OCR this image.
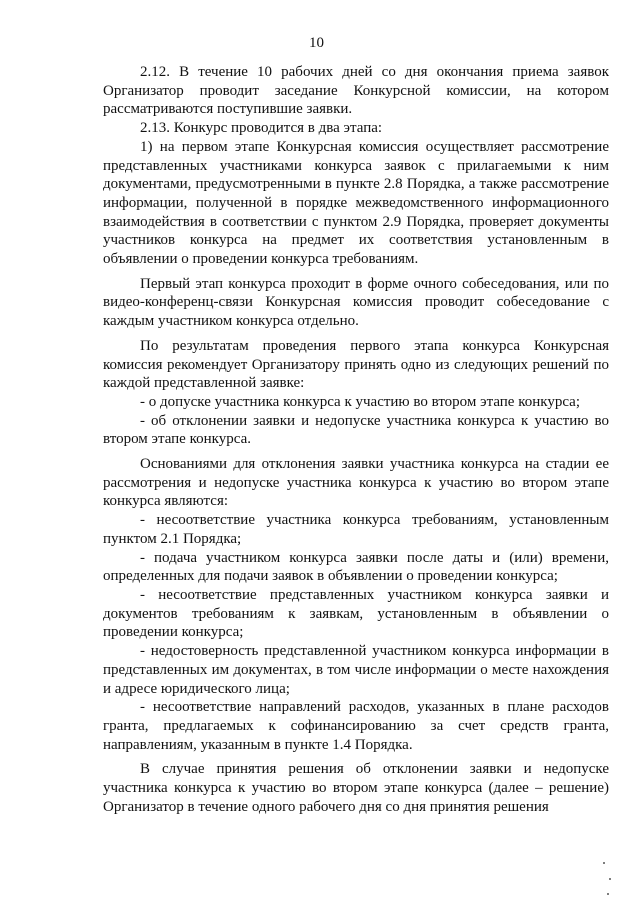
10

2.12. В течение 10 рабочих дней со дня окончания приема заявок Организатор проводит заседание Конкурсной комиссии, на котором рассматриваются поступившие заявки.

2.13. Конкурс проводится в два этапа:

1) на первом этапе Конкурсная комиссия осуществляет рассмотрение представленных участниками конкурса заявок с прилагаемыми к ним документами, предусмотренными в пункте 2.8 Порядка, а также рассмотрение информации, полученной в порядке межведомственного информационного взаимодействия в соответствии с пунктом 2.9 Порядка, проверяет документы участников конкурса на предмет их соответствия установленным в объявлении о проведении конкурса требованиям.

Первый этап конкурса проходит в форме очного собеседования, или по видео-конференц-связи Конкурсная комиссия проводит собеседование с каждым участником конкурса отдельно.

По результатам проведения первого этапа конкурса Конкурсная комиссия рекомендует Организатору принять одно из следующих решений по каждой представленной заявке:

- о допуске участника конкурса к участию во втором этапе конкурса;

- об отклонении заявки и недопуске участника конкурса к участию во втором этапе конкурса.

Основаниями для отклонения заявки участника конкурса на стадии ее рассмотрения и недопуске участника конкурса к участию во втором этапе конкурса являются:

- несоответствие участника конкурса требованиям, установленным пунктом 2.1 Порядка;

- подача участником конкурса заявки после даты и (или) времени, определенных для подачи заявок в объявлении о проведении конкурса;

- несоответствие представленных участником конкурса заявки и документов требованиям к заявкам, установленным в объявлении о проведении конкурса;

- недостоверность представленной участником конкурса информации в представленных им документах, в том числе информации о месте нахождения и адресе юридического лица;

- несоответствие направлений расходов, указанных в плане расходов гранта, предлагаемых к софинансированию за счет средств гранта, направлениям, указанным в пункте 1.4 Порядка.

В случае принятия решения об отклонении заявки и недопуске участника конкурса к участию во втором этапе конкурса (далее – решение) Организатор в течение одного рабочего дня со дня принятия решения
